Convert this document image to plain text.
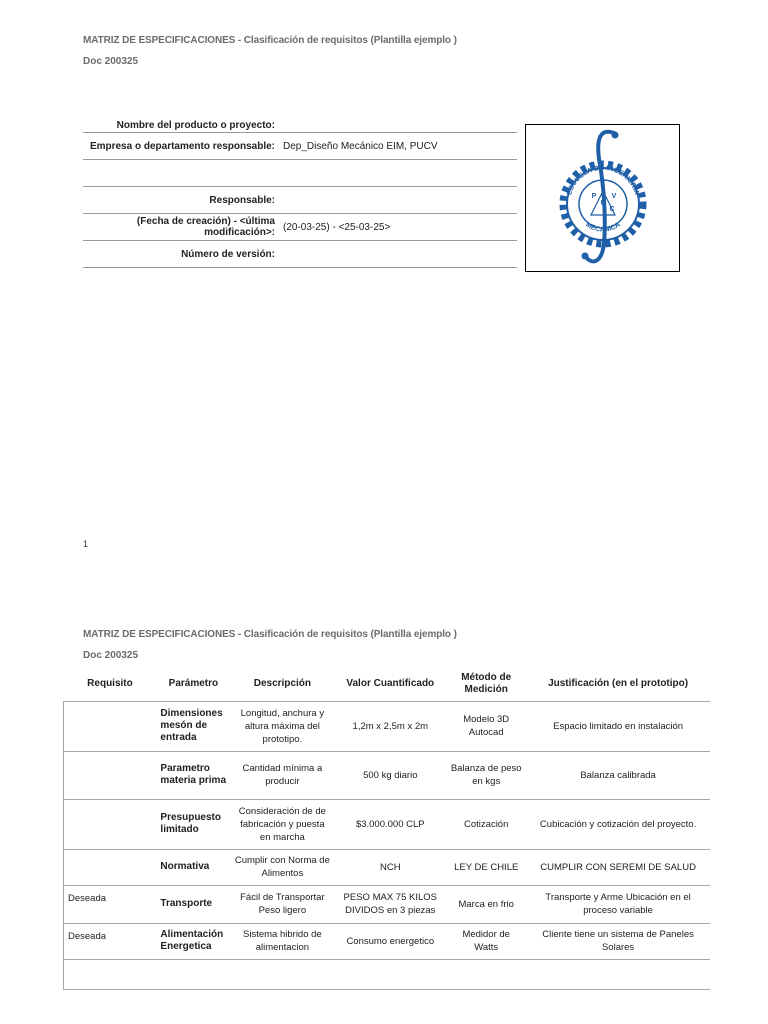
MATRIZ DE ESPECIFICACIONES - Clasificación de requisitos (Plantilla ejemplo )
Doc 200325
Nombre del producto o proyecto:
Empresa o departamento responsable: Dep_Diseño Mecánico EIM, PUCV
Responsable:
(Fecha de creación) - <última modificación>: (20-03-25) - <25-03-25>
Número de versión:
ESCUELA DE INGENIERIA
MECANICA
P
U
C
V
1
MATRIZ DE ESPECIFICACIONES - Clasificación de requisitos (Plantilla ejemplo )
Doc 200325
Requisito	Parámetro	Descripción	Valor Cuantificado	Método de Medición	Justificación (en el prototipo)
	Dimensiones mesón de entrada	Longitud, anchura y altura máxima del prototipo.	1,2m x 2,5m x 2m	Modelo 3D Autocad	Espacio limitado en instalación
	Parametro materia prima	Cantidad mínima a producir	500 kg diario	Balanza de peso en kgs	Balanza calibrada
	Presupuesto limitado	Consideración de de fabricación y puesta en marcha	$3.000.000 CLP	Cotización	Cubicación y cotización del proyecto.
	Normativa	Cumplir con Norma de Alimentos	NCH	LEY DE CHILE	CUMPLIR CON SEREMI DE SALUD
Deseada	Transporte	Fácil de Transportar Peso ligero	PESO MAX 75 KILOS DIVIDOS en 3 piezas	Marca en frio	Transporte y Arme Ubicación en el proceso variable
Deseada	Alimentación Energetica	Sistema hibrido de alimentacion	Consumo energetico	Medidor de Watts	Cliente tiene un sistema de Paneles Solares
